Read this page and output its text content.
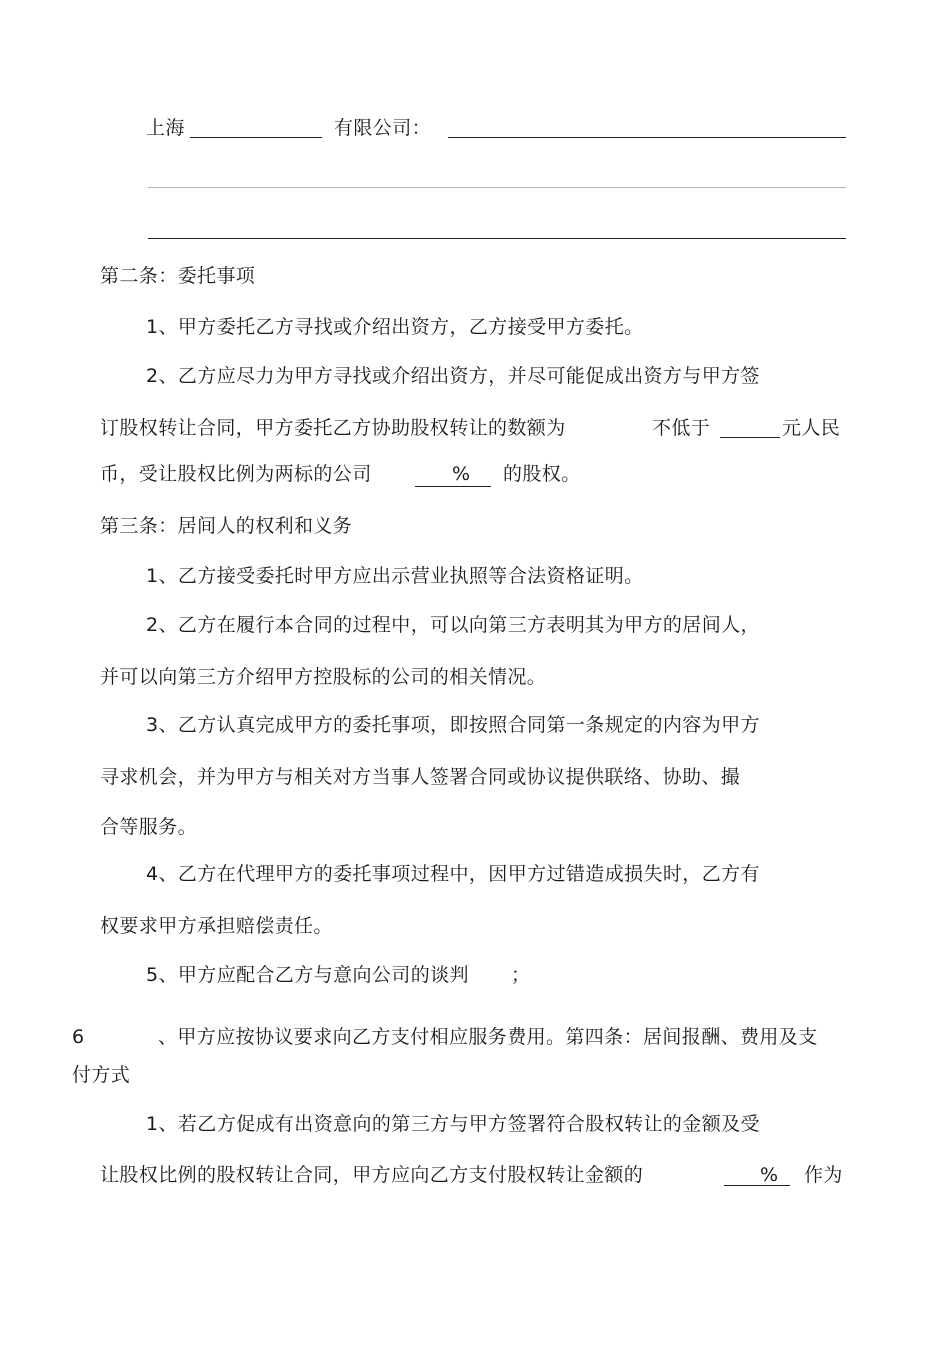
上海	有限公司：
第二条：委托事项
1、甲方委托乙方寻找或介绍出资方，乙方接受甲方委托。
2、乙方应尽力为甲方寻找或介绍出资方，并尽可能促成出资方与甲方签
订股权转让合同，甲方委托乙方协助股权转让的数额为	不低于	元人民
币，受让股权比例为两标的公司	% 的股权。
第三条：居间人的权利和义务
1、乙方接受委托时甲方应出示营业执照等合法资格证明。
2、乙方在履行本合同的过程中，可以向第三方表明其为甲方的居间人，
并可以向第三方介绍甲方控股标的公司的相关情况。
3、乙方认真完成甲方的委托事项，即按照合同第一条规定的内容为甲方
寻求机会，并为甲方与相关对方当事人签署合同或协议提供联络、协助、撮
合等服务。
4、乙方在代理甲方的委托事项过程中，因甲方过错造成损失时，乙方有
权要求甲方承担赔偿责任。
5、甲方应配合乙方与意向公司的谈判 ；
6	、甲方应按协议要求向乙方支付相应服务费用。第四条：居间报酬、费用及支
付方式
1、若乙方促成有出资意向的第三方与甲方签署符合股权转让的金额及受
让股权比例的股权转让合同，甲方应向乙方支付股权转让金额的	% 作为
